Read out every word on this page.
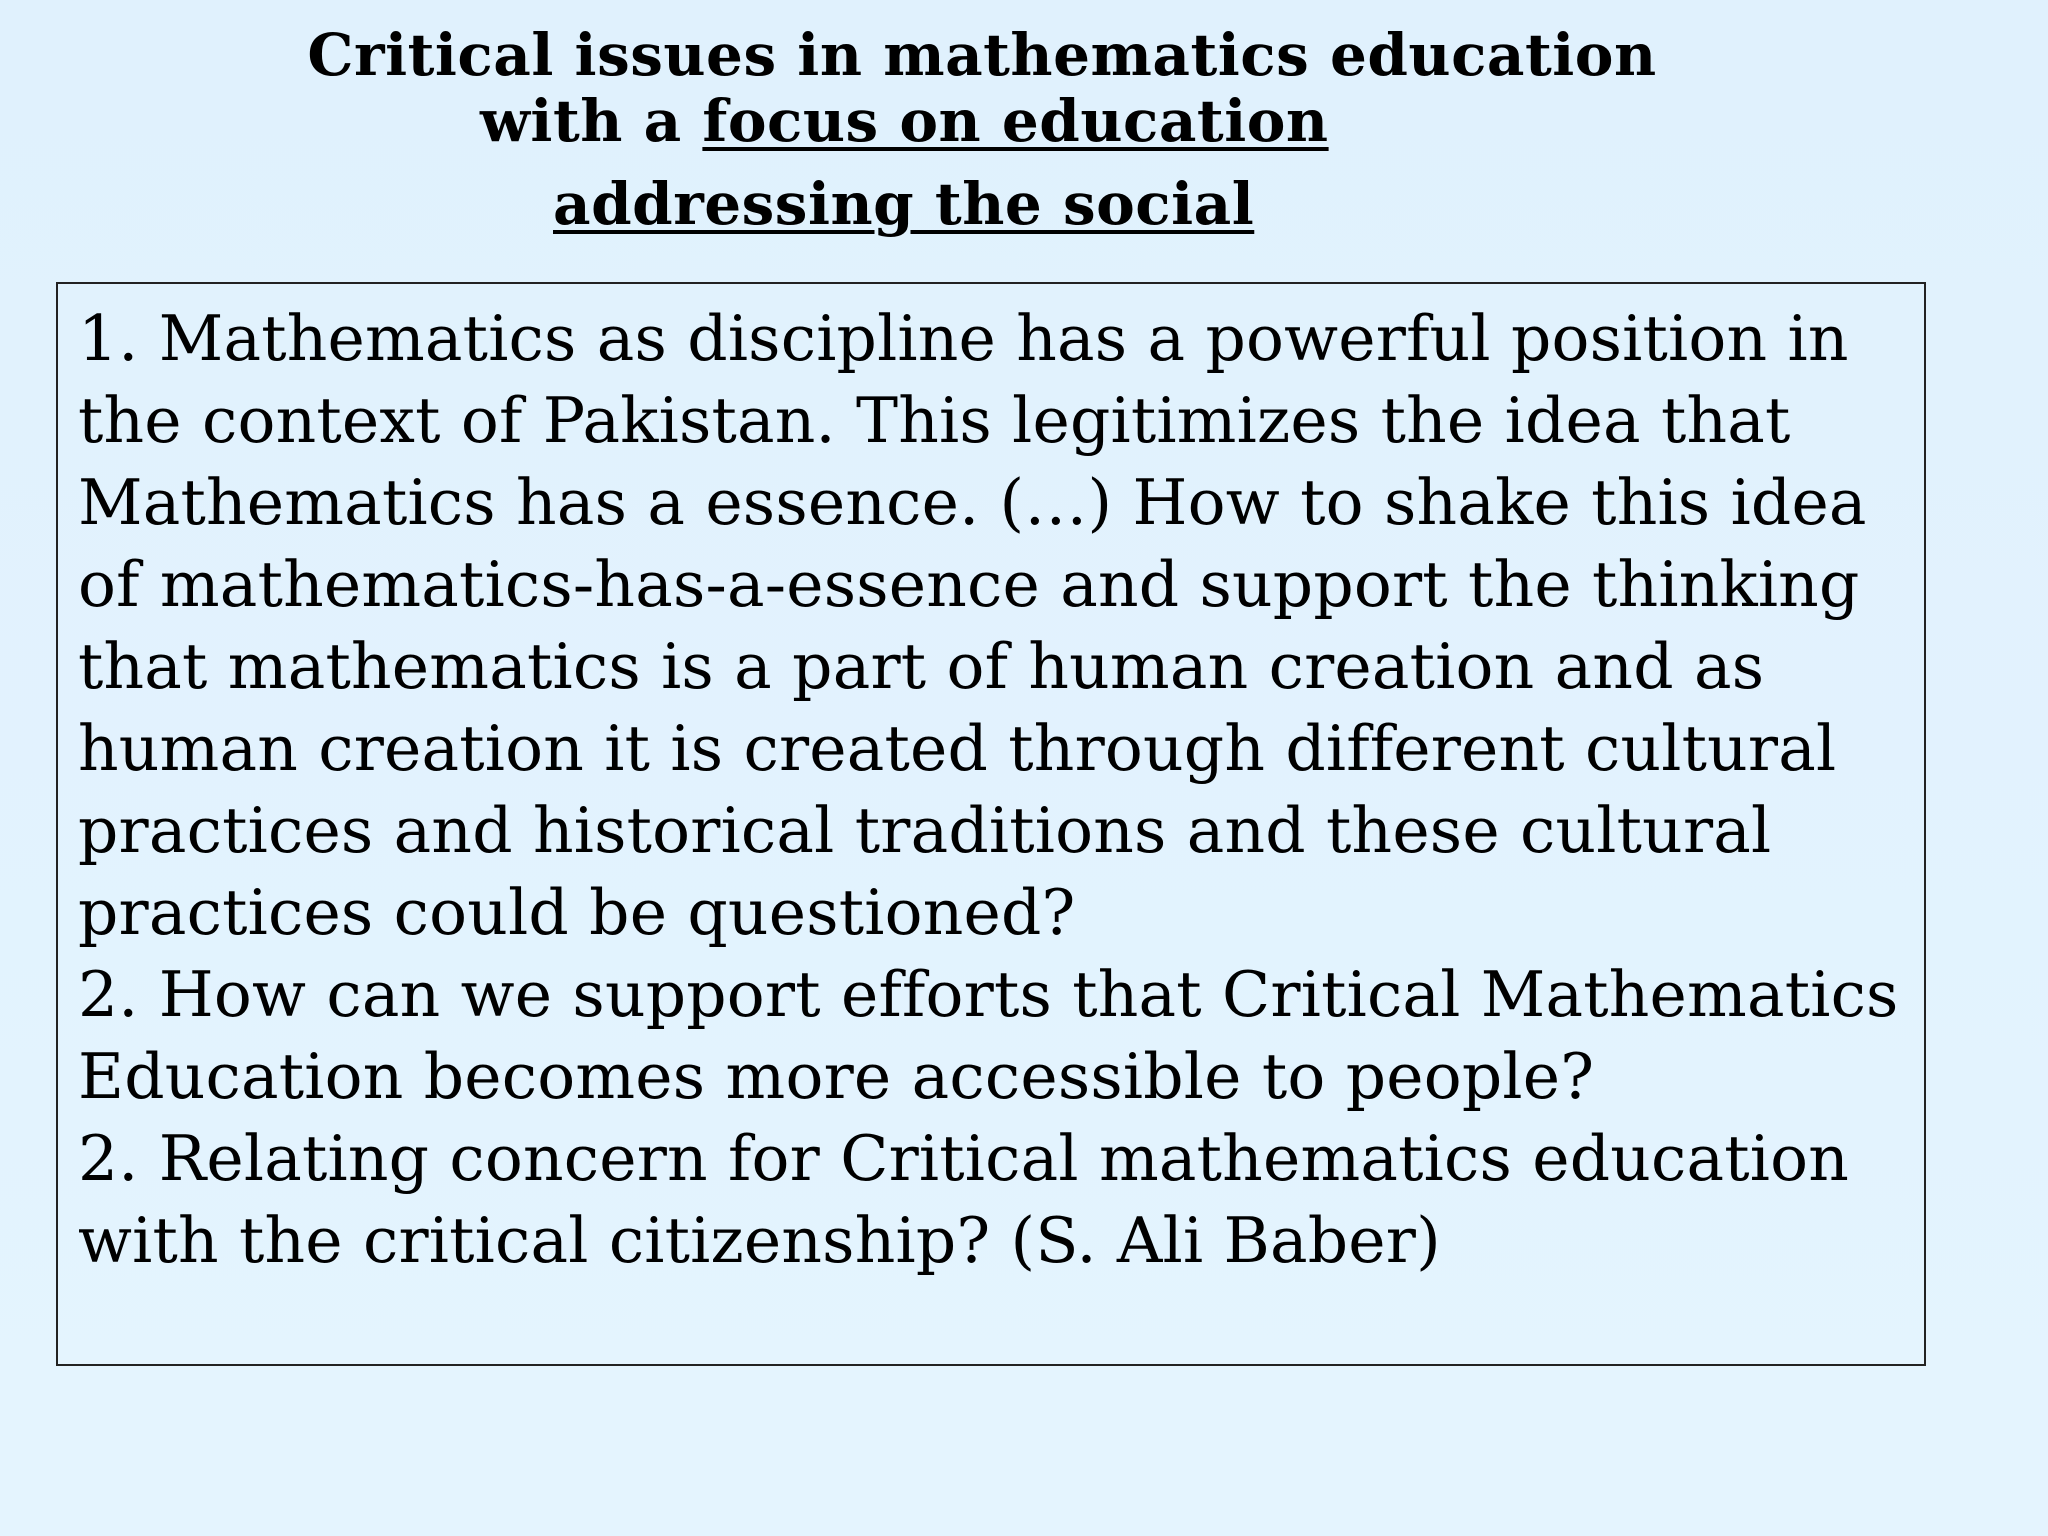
Critical issues in mathematics education
with a focus on education
addressing the social

1. Mathematics as discipline has a powerful position in the context of Pakistan. This legitimizes the idea that Mathematics has a essence. (…) How to shake this idea of mathematics-has-a-essence and support the thinking that mathematics is a part of human creation and as human creation it is created through different cultural practices and historical traditions and these cultural practices could be questioned?

2. How can we support efforts that Critical Mathematics Education becomes more accessible to people?

2. Relating concern for Critical mathematics education with the critical citizenship? (S. Ali Baber)
